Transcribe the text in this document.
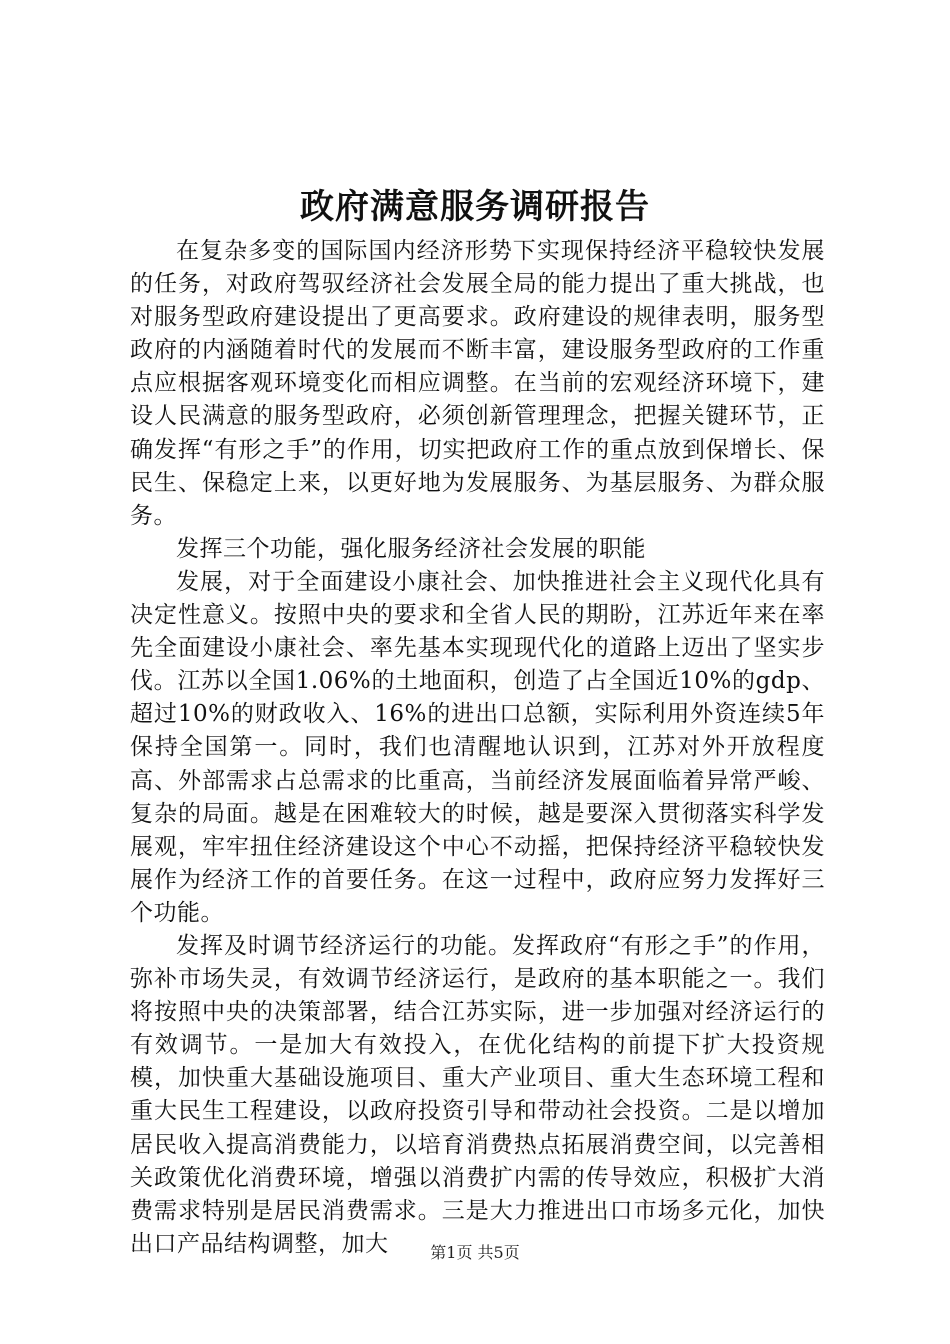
政府满意服务调研报告

在复杂多变的国际国内经济形势下实现保持经济平稳较快发展的任务，对政府驾驭经济社会发展全局的能力提出了重大挑战，也对服务型政府建设提出了更高要求。政府建设的规律表明，服务型政府的内涵随着时代的发展而不断丰富，建设服务型政府的工作重点应根据客观环境变化而相应调整。在当前的宏观经济环境下，建设人民满意的服务型政府，必须创新管理理念，把握关键环节，正确发挥“有形之手”的作用，切实把政府工作的重点放到保增长、保民生、保稳定上来，以更好地为发展服务、为基层服务、为群众服务。

发挥三个功能，强化服务经济社会发展的职能

发展，对于全面建设小康社会、加快推进社会主义现代化具有决定性意义。按照中央的要求和全省人民的期盼，江苏近年来在率先全面建设小康社会、率先基本实现现代化的道路上迈出了坚实步伐。江苏以全国1.06%的土地面积，创造了占全国近10%的gdp、超过10%的财政收入、16%的进出口总额，实际利用外资连续5年保持全国第一。同时，我们也清醒地认识到，江苏对外开放程度高、外部需求占总需求的比重高，当前经济发展面临着异常严峻、复杂的局面。越是在困难较大的时候，越是要深入贯彻落实科学发展观，牢牢扭住经济建设这个中心不动摇，把保持经济平稳较快发展作为经济工作的首要任务。在这一过程中，政府应努力发挥好三个功能。

发挥及时调节经济运行的功能。发挥政府“有形之手”的作用，弥补市场失灵，有效调节经济运行，是政府的基本职能之一。我们将按照中央的决策部署，结合江苏实际，进一步加强对经济运行的有效调节。一是加大有效投入，在优化结构的前提下扩大投资规模，加快重大基础设施项目、重大产业项目、重大生态环境工程和重大民生工程建设，以政府投资引导和带动社会投资。二是以增加居民收入提高消费能力，以培育消费热点拓展消费空间，以完善相关政策优化消费环境，增强以消费扩内需的传导效应，积极扩大消费需求特别是居民消费需求。三是大力推进出口市场多元化，加快出口产品结构调整，加大	第1页 共5页
